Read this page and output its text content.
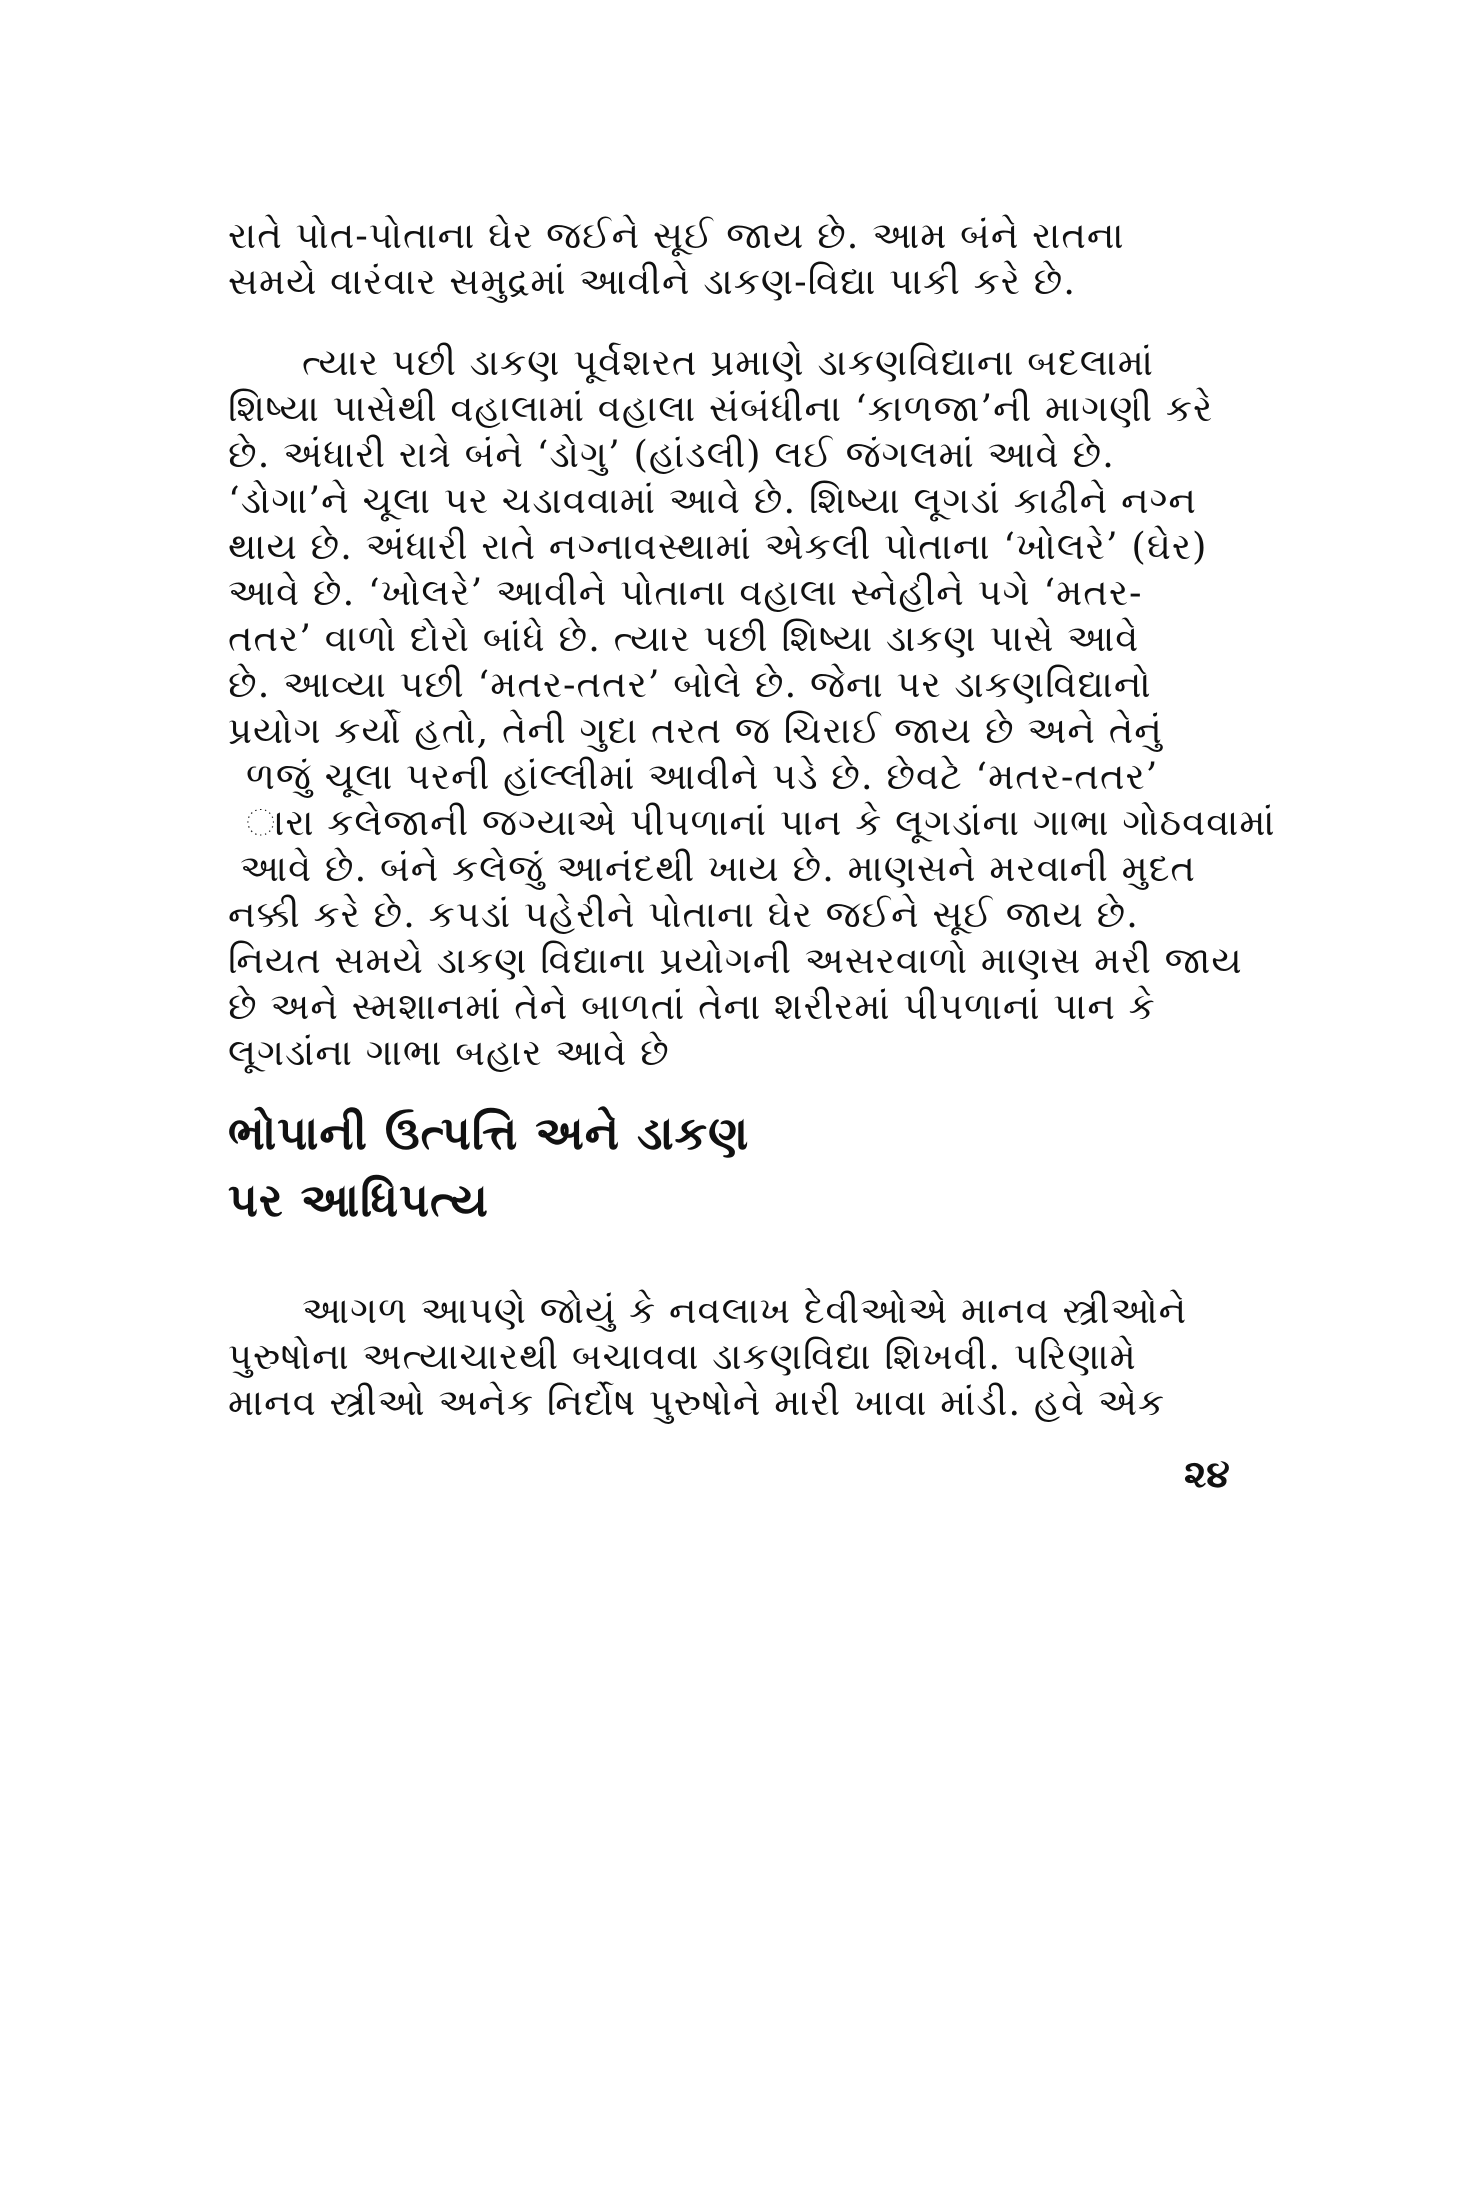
રાતે પોત-પોતાના ઘેર જઈને સૂઈ જાય છે. આમ બંને રાતના
સમયે વારંવાર સમુદ્રમાં આવીને ડાકણ-વિદ્યા પાકી કરે છે.
ત્યાર પછી ડાકણ પૂર્વશરત પ્રમાણે ડાકણવિદ્યાના બદલામાં
શિષ્યા પાસેથી વહાલામાં વહાલા સંબંધીના ‘કાળજા’ની માગણી કરે
છે. અંધારી રાત્રે બંને ‘ડોગુ’ (હાંડલી) લઈ જંગલમાં આવે છે.
‘ડોગા’ને ચૂલા પર ચડાવવામાં આવે છે. શિષ્યા લૂગડાં કાઢીને નગ્ન
થાય છે. અંધારી રાતે નગ્નાવસ્થામાં એકલી પોતાના ‘ખોલરે’ (ઘેર)
આવે છે. ‘ખોલરે’ આવીને પોતાના વહાલા સ્નેહીને પગે ‘મતર-
તતર’ વાળો દોરો બાંધે છે. ત્યાર પછી શિષ્યા ડાકણ પાસે આવે
છે. આવ્યા પછી ‘મતર-તતર’ બોલે છે. જેના પર ડાકણવિદ્યાનો
પ્રયોગ કર્યો હતો, તેની ગુદા તરત જ ચિરાઈ જાય છે અને તેનું
ળજું ચૂલા પરની હાંલ્લીમાં આવીને પડે છે. છેવટે ‘મતર-તતર’
ારા કલેજાની જગ્યાએ પીપળાનાં પાન કે લૂગડાંના ગાભા ગોઠવવામાં
આવે છે. બંને કલેજું આનંદથી ખાય છે. માણસને મરવાની મુદત
નક્કી કરે છે. કપડાં પહેરીને પોતાના ઘેર જઈને સૂઈ જાય છે.
નિયત સમયે ડાકણ વિદ્યાના પ્રયોગની અસરવાળો માણસ મરી જાય
છે અને સ્મશાનમાં તેને બાળતાં તેના શરીરમાં પીપળાનાં પાન કે
લૂગડાંના ગાભા બહાર આવે છે
ભોપાની ઉત્પત્તિ અને ડાકણ
પર આધિપત્ય
આગળ આપણે જોયું કે નવલાખ દેવીઓએ માનવ સ્ત્રીઓને
પુરુષોના અત્યાચારથી બચાવવા ડાકણવિદ્યા શિખવી. પરિણામે
માનવ સ્ત્રીઓ અનેક નિર્દોષ પુરુષોને મારી ખાવા માંડી. હવે એક
૨૪
